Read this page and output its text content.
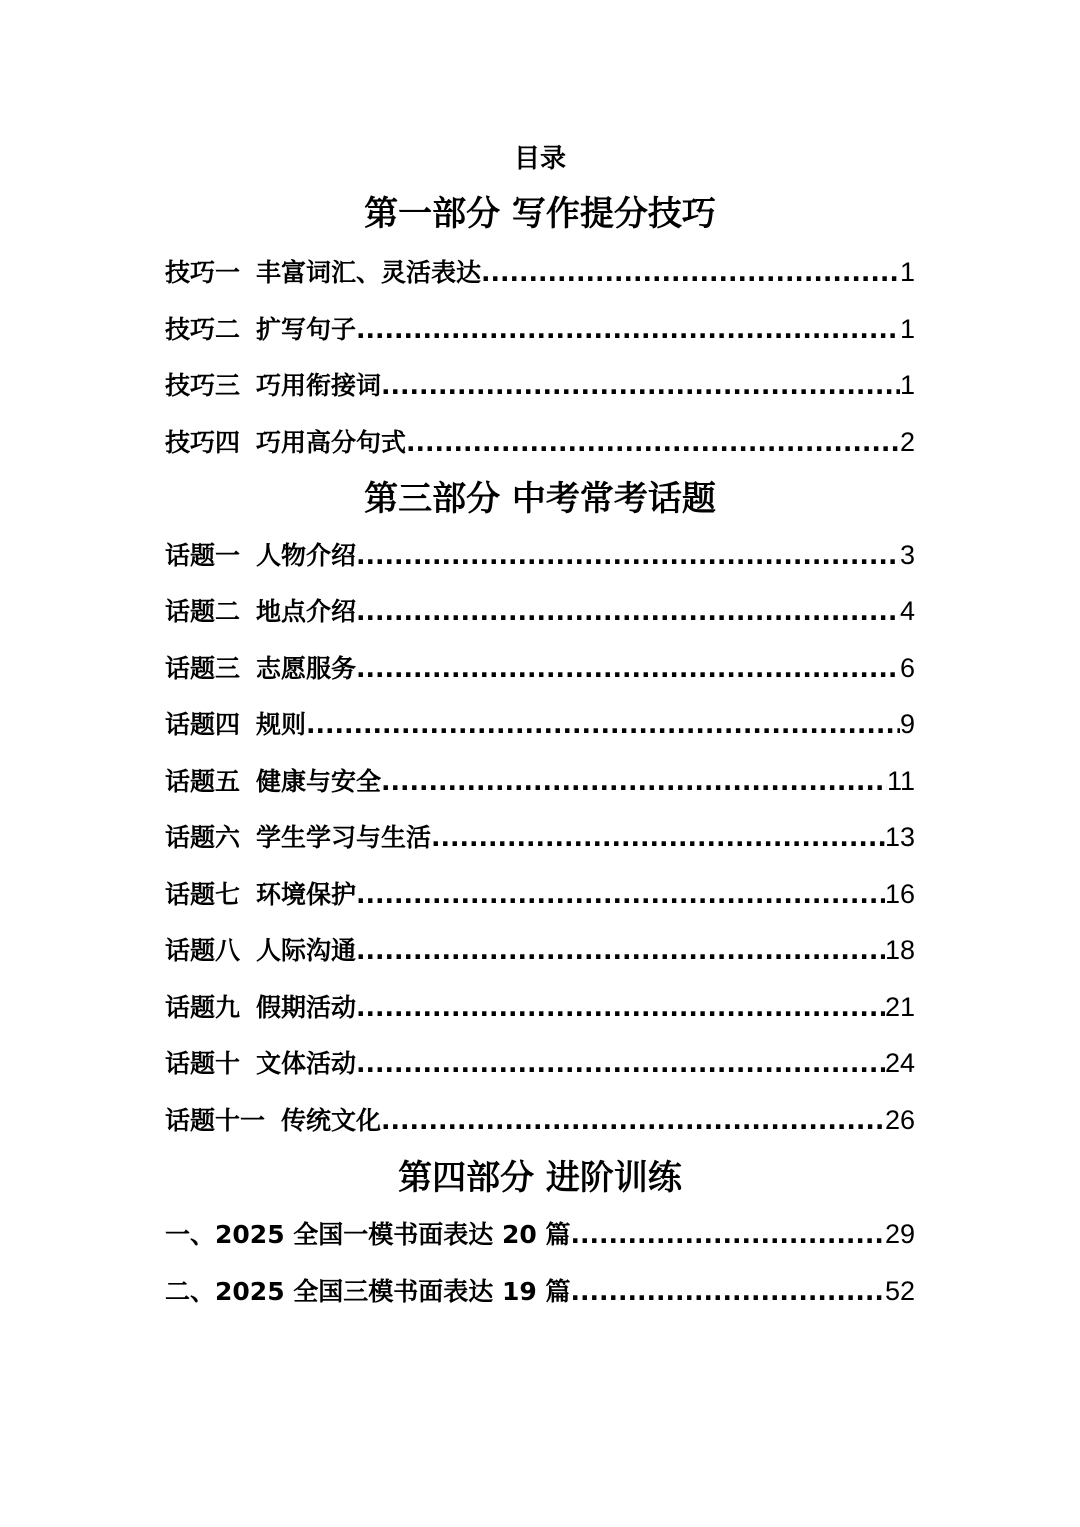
目录
第一部分 写作提分技巧
技巧一 丰富词汇、灵活表达 .....	1
技巧二 扩写句子 .....	1
技巧三 巧用衔接词 .....	1
技巧四 巧用高分句式 .....	2
第三部分 中考常考话题
话题一 人物介绍 .....	3
话题二 地点介绍 .....	4
话题三 志愿服务 .....	6
话题四 规则 .....	9
话题五 健康与安全 .....	11
话题六 学生学习与生活 .....	13
话题七 环境保护 .....	16
话题八 人际沟通 .....	18
话题九 假期活动 .....	21
话题十 文体活动 .....	24
话题十一 传统文化 .....	26
第四部分 进阶训练
一、2025 全国一模书面表达 20 篇 .....	29
二、2025 全国三模书面表达 19 篇 .....	52
